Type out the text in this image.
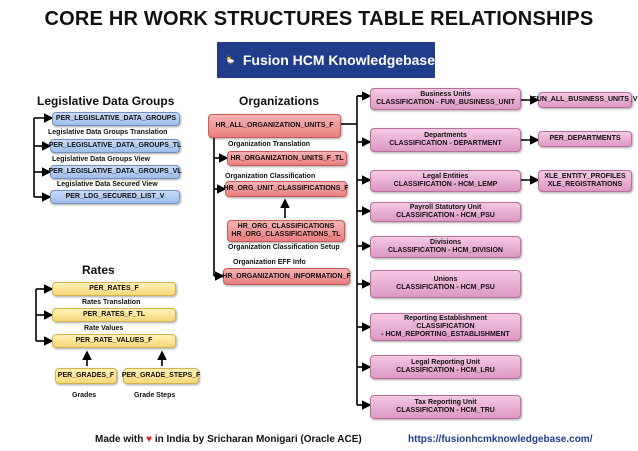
CORE HR WORK STRUCTURES TABLE RELATIONSHIPS
Fusion HCM Knowledgebase
Legislative Data Groups
PER_LEGISLATIVE_DATA_GROUPS
Legislative Data Groups Translation
PER_LEGISLATIVE_DATA_GROUPS_TL
Legislative Data Groups View
PER_LEGISLATIVE_DATA_GROUPS_VL
Legislative Data Secured View
PER_LDG_SECURED_LIST_V
Rates
PER_RATES_F
Rates Translation
PER_RATES_F_TL
Rate Values
PER_RATE_VALUES_F
PER_GRADES_F	PER_GRADE_STEPS_F
Grades	Grade Steps
Organizations
HR_ALL_ORGANIZATION_UNITS_F
Organization Translation
HR_ORGANIZATION_UNITS_F_TL
Organization Classification
HR_ORG_UNIT_CLASSIFICATIONS_F
HR_ORG_CLASSIFICATIONS
HR_ORG_CLASSIFICATIONS_TL
Organization Classification Setup
Organization EFF Info
HR_ORGANIZATION_INFORMATION_F
Business Units
CLASSIFICATION - FUN_BUSINESS_UNIT
Departments
CLASSIFICATION - DEPARTMENT
Legal Entities
CLASSIFICATION - HCM_LEMP
Payroll Statutory Unit
CLASSIFICATION - HCM_PSU
Divisions
CLASSIFICATION - HCM_DIVISION
Unions
CLASSIFICATION - HCM_PSU
Reporting Establishment
CLASSIFICATION
- HCM_REPORTING_ESTABLISHMENT
Legal Reporting Unit
CLASSIFICATION - HCM_LRU
Tax Reporting Unit
CLASSIFICATION - HCM_TRU
FUN_ALL_BUSINESS_UNITS_V
PER_DEPARTMENTS
XLE_ENTITY_PROFILES
XLE_REGISTRATIONS
Made with ♥ in India by Sricharan Monigari (Oracle ACE)	https://fusionhcmknowledgebase.com/
